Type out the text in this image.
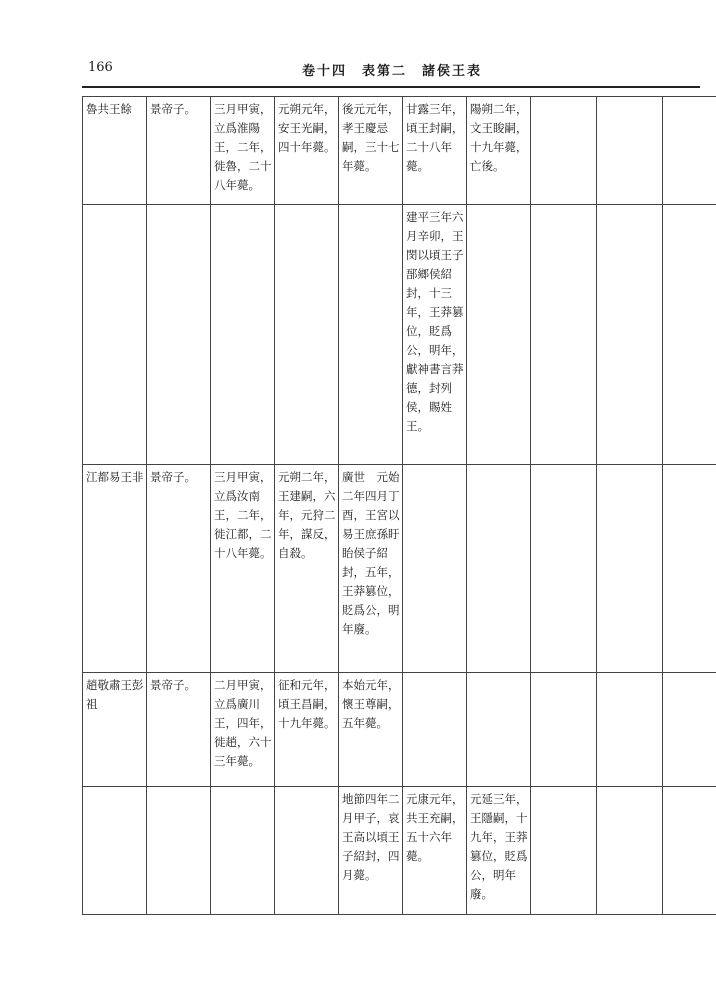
166	卷十四　表第二　諸侯王表
魯共王餘	景帝子。	三月甲寅，立爲淮陽王，二年，徙魯，二十八年薨。	元朔元年，安王光嗣，四十年薨。	後元元年，孝王慶忌嗣，三十七年薨。	甘露三年，頃王封嗣，二十八年薨。	陽朔二年，文王睃嗣，十九年薨，亡後。			

					建平三年六月辛卯，王閔以頃王子郚鄉侯紹封，十三年，王莽篡位，貶爲公，明年，獻神書言莽德，封列侯，賜姓王。				

江都易王非	景帝子。	三月甲寅，立爲汝南王，二年，徙江都，二十八年薨。	元朔二年，王建嗣，六年，元狩二年，謀反，自殺。	廣世　元始二年四月丁酉，王宮以易王庶孫盱眙侯子紹封，五年，王莽篡位，貶爲公，明年廢。					

趙敬肅王彭祖	景帝子。	二月甲寅，立爲廣川王，四年，徙趙，六十三年薨。	征和元年，頃王昌嗣，十九年薨。	本始元年，懷王尊嗣，五年薨。					

				地節四年二月甲子，哀王高以頃王子紹封，四月薨。	元康元年，共王充嗣，五十六年薨。	元延三年，王隱嗣，十九年，王莽篡位，貶爲公，明年廢。			
